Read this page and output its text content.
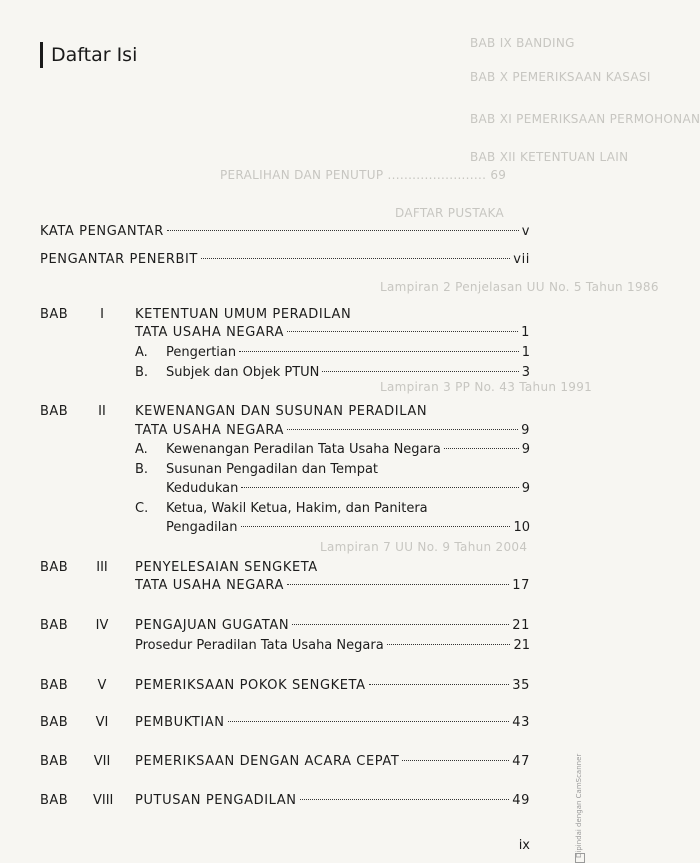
BAB IX BANDING
BAB X PEMERIKSAAN KASASI
BAB XI PEMERIKSAAN PERMOHONAN
BAB XII KETENTUAN LAIN
PERALIHAN DAN PENUTUP ........................ 69
DAFTAR PUSTAKA
Lampiran 2 Penjelasan UU No. 5 Tahun 1986
Lampiran 3 PP No. 43 Tahun 1991
Lampiran 7 UU No. 9 Tahun 2004
Daftar Isi
KATA PENGANTAR	v
PENGANTAR PENERBIT	vii
BAB	I	KETENTUAN UMUM PERADILAN
TATA USAHA NEGARA	1
A. Pengertian	1
B. Subjek dan Objek PTUN	3
BAB	II	KEWENANGAN DAN SUSUNAN PERADILAN
TATA USAHA NEGARA	9
A. Kewenangan Peradilan Tata Usaha Negara	9
B. Susunan Pengadilan dan Tempat
Kedudukan	9
C. Ketua, Wakil Ketua, Hakim, dan Panitera
Pengadilan	10
BAB III PENYELESAIAN SENGKETA
TATA USAHA NEGARA	17
BAB IV PENGAJUAN GUGATAN	21
Prosedur Peradilan Tata Usaha Negara	21
BAB	V	PEMERIKSAAN POKOK SENGKETA	35
BAB VI PEMBUKTIAN	43
BAB VII PEMERIKSAAN DENGAN ACARA CEPAT	47
BAB VIII PUTUSAN PENGADILAN	49
ix	Dipindai dengan CamScanner
